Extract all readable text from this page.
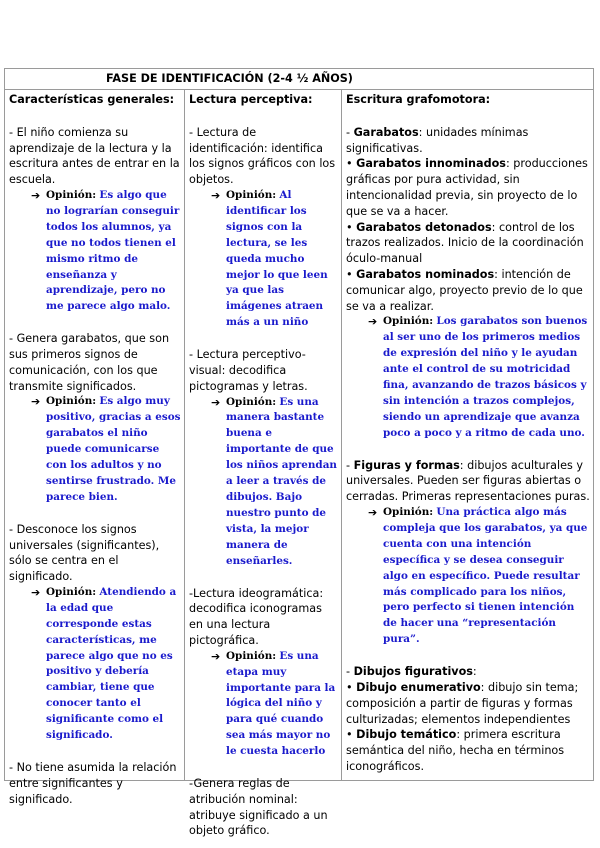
FASE DE IDENTIFICACIÓN (2-4 ½ AÑOS)
Características generales:

- El niño comienza su aprendizaje de la lectura y la escritura antes de entrar en la escuela.

➔ Opinión: Es algo que no lograrían conseguir todos los alumnos, ya que no todos tienen el mismo ritmo de enseñanza y aprendizaje, pero no me parece algo malo.

- Genera garabatos, que son sus primeros signos de comunicación, con los que transmite significados.

➔ Opinión: Es algo muy positivo, gracias a esos garabatos el niño puede comunicarse con los adultos y no sentirse frustrado. Me parece bien.

- Desconoce los signos universales (significantes), sólo se centra en el significado.

➔ Opinión: Atendiendo a la edad que corresponde estas características, me parece algo que no es positivo y debería cambiar, tiene que conocer tanto el significante como el significado.

- No tiene asumida la relación entre significantes y significado.

Lectura perceptiva:

- Lectura de identificación: identifica los signos gráficos con los objetos.

➔ Opinión: Al identificar los signos con la lectura, se les queda mucho mejor lo que leen ya que las imágenes atraen más a un niño

- Lectura perceptivo-visual: decodifica pictogramas y letras.

➔ Opinión: Es una manera bastante buena e importante de que los niños aprendan a leer a través de dibujos. Bajo nuestro punto de vista, la mejor manera de enseñarles.

-Lectura ideogramática: decodifica iconogramas en una lectura pictográfica.

➔ Opinión: Es una etapa muy importante para la lógica del niño y para qué cuando sea más mayor no le cuesta hacerlo

-Genera reglas de atribución nominal: atribuye significado a un objeto gráfico.

Escritura grafomotora:

- Garabatos: unidades mínimas significativas.

• Garabatos innominados: producciones gráficas por pura actividad, sin intencionalidad previa, sin proyecto de lo que se va a hacer.

• Garabatos detonados: control de los trazos realizados. Inicio de la coordinación óculo-manual

• Garabatos nominados: intención de comunicar algo, proyecto previo de lo que se va a realizar.

➔ Opinión: Los garabatos son buenos al ser uno de los primeros medios de expresión del niño y le ayudan ante el control de su motricidad fina, avanzando de trazos básicos y sin intención a trazos complejos, siendo un aprendizaje que avanza poco a poco y a ritmo de cada uno.

- Figuras y formas: dibujos aculturales y universales. Pueden ser figuras abiertas o cerradas. Primeras representaciones puras.

➔ Opinión: Una práctica algo más compleja que los garabatos, ya que cuenta con una intención específica y se desea conseguir algo en específico. Puede resultar más complicado para los niños, pero perfecto si tienen intención de hacer una “representación pura”.

- Dibujos figurativos:

• Dibujo enumerativo: dibujo sin tema; composición a partir de figuras y formas culturizadas; elementos independientes

• Dibujo temático: primera escritura semántica del niño, hecha en términos iconográficos.
